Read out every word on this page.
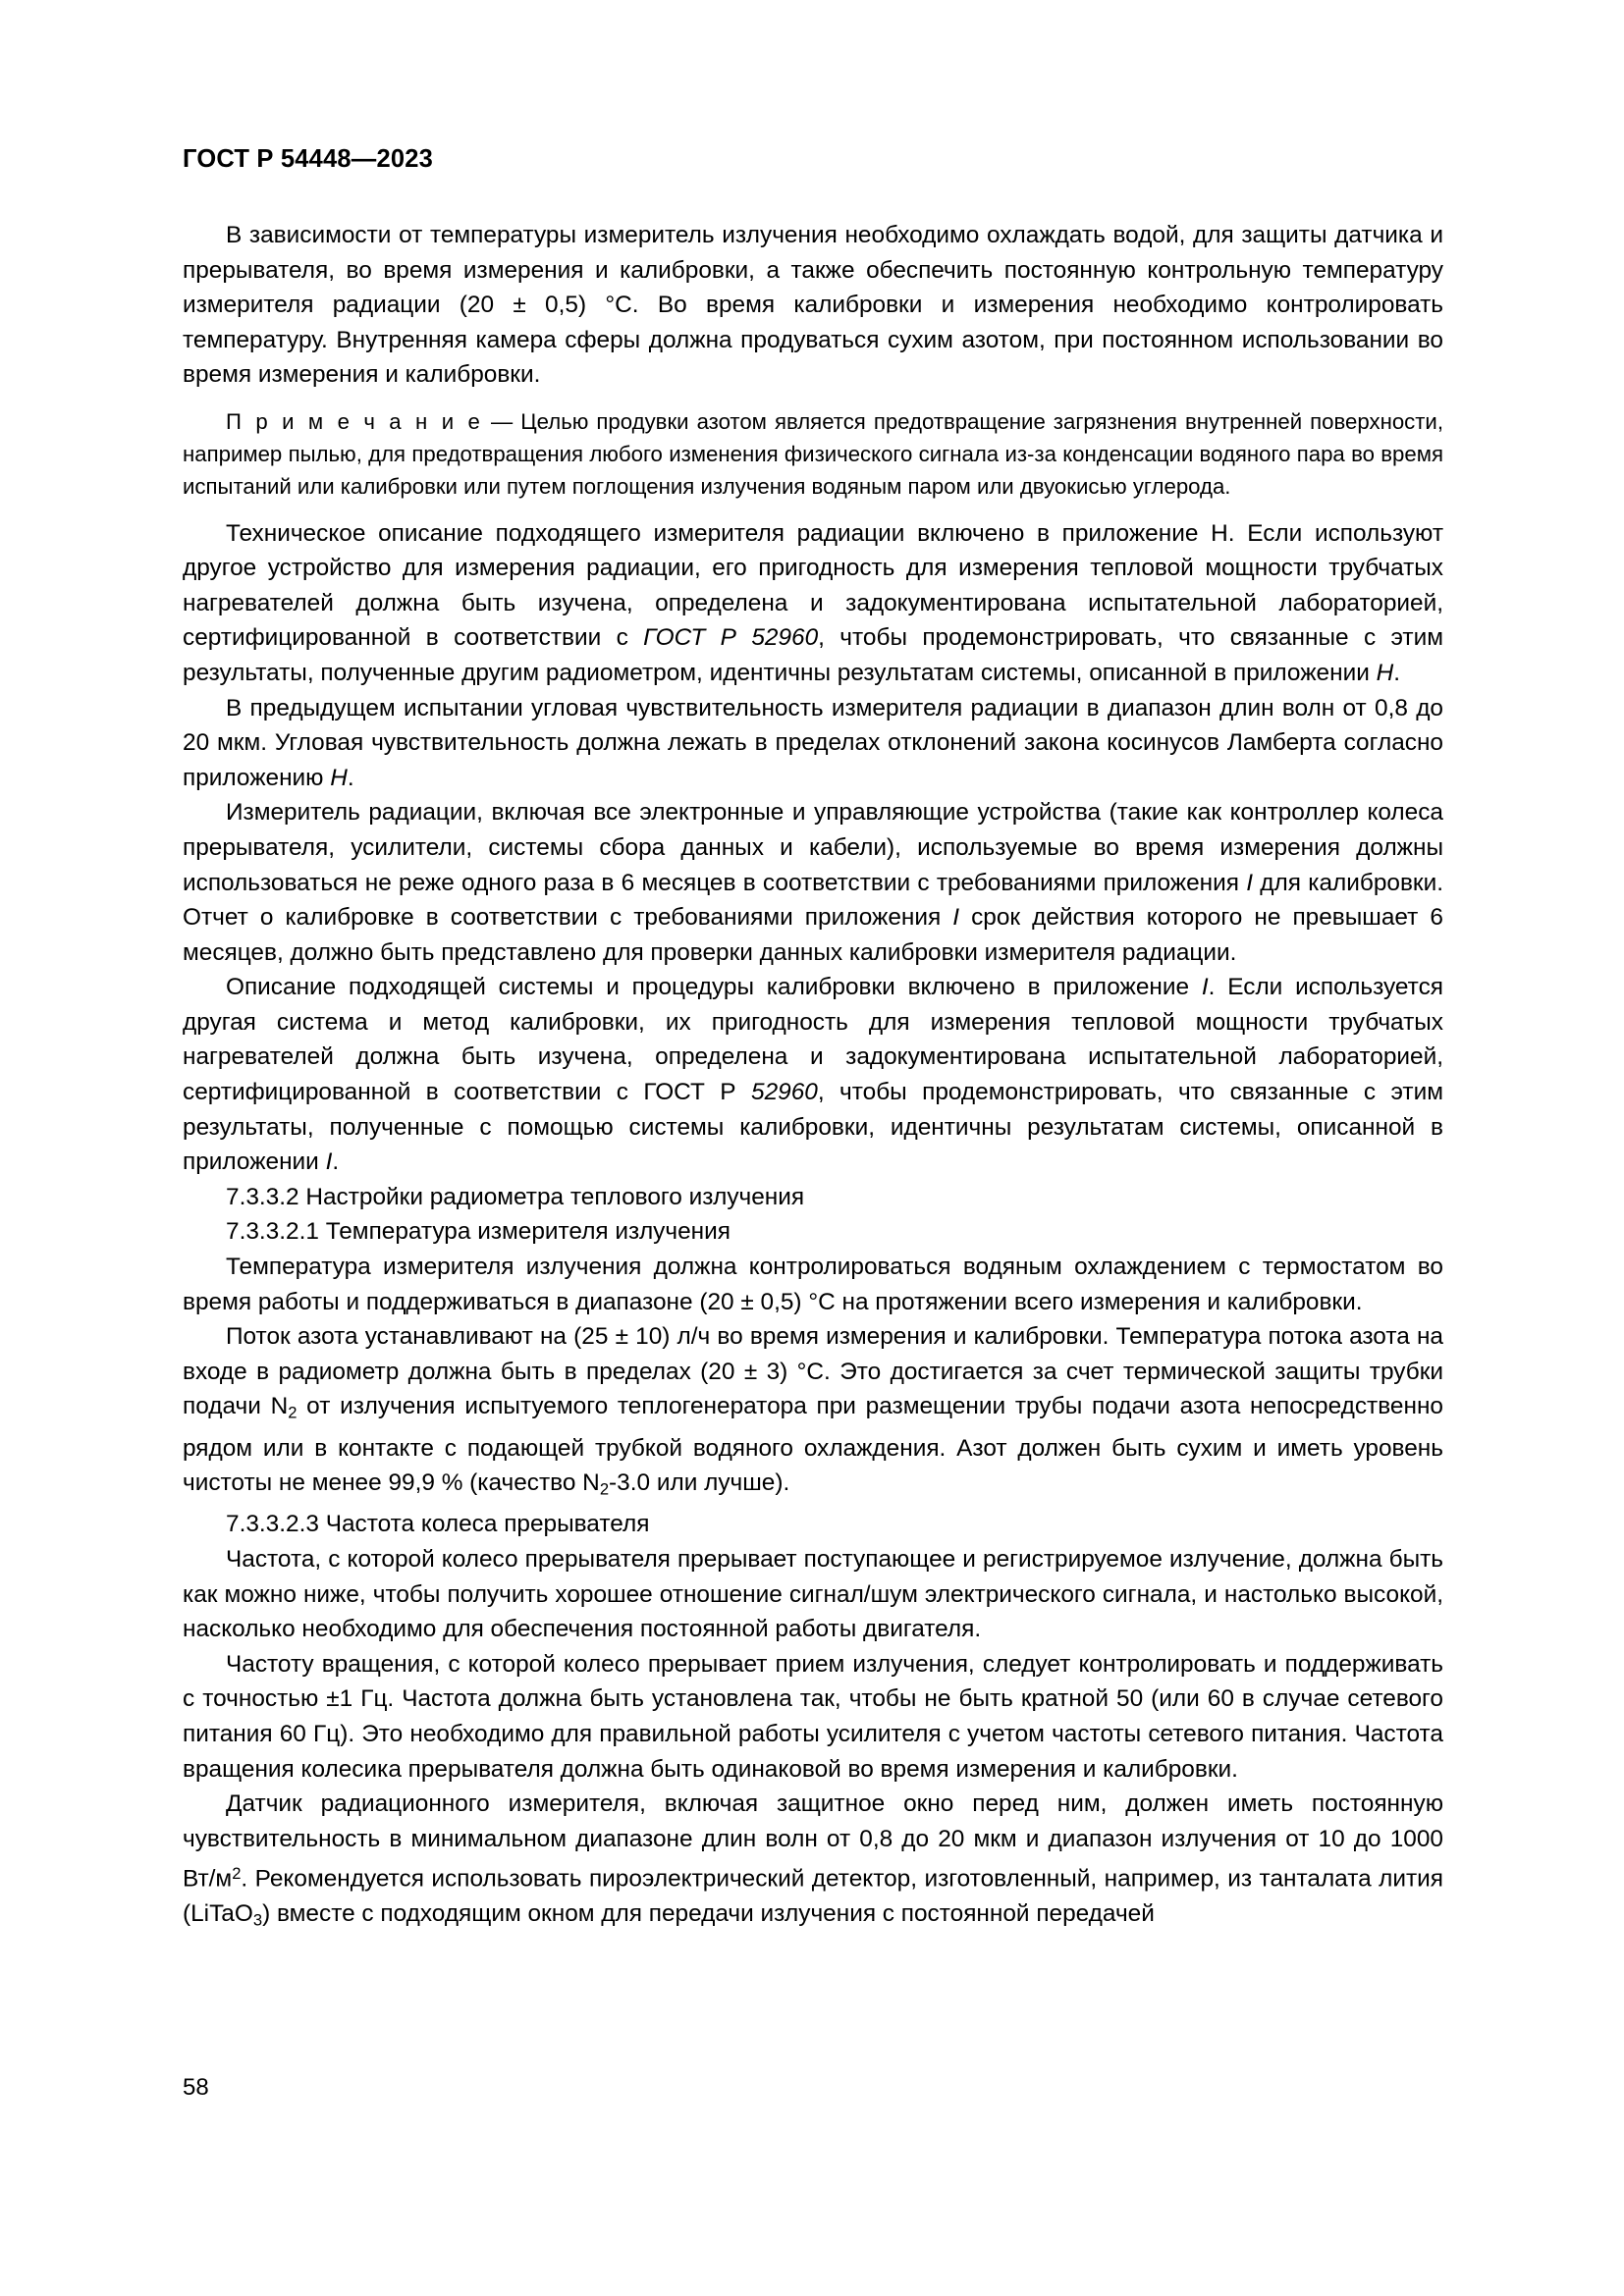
ГОСТ Р 54448—2023

В зависимости от температуры измеритель излучения необходимо охлаждать водой, для защиты датчика и прерывателя, во время измерения и калибровки, а также обеспечить постоянную контрольную температуру измерителя радиации (20 ± 0,5) °C. Во время калибровки и измерения необходимо контролировать температуру. Внутренняя камера сферы должна продуваться сухим азотом, при постоянном использовании во время измерения и калибровки.

П р и м е ч а н и е — Целью продувки азотом является предотвращение загрязнения внутренней поверхности, например пылью, для предотвращения любого изменения физического сигнала из-за конденсации водяного пара во время испытаний или калибровки или путем поглощения излучения водяным паром или двуокисью углерода.

Техническое описание подходящего измерителя радиации включено в приложение Н. Если используют другое устройство для измерения радиации, его пригодность для измерения тепловой мощности трубчатых нагревателей должна быть изучена, определена и задокументирована испытательной лабораторией, сертифицированной в соответствии с ГОСТ Р 52960, чтобы продемонстрировать, что связанные с этим результаты, полученные другим радиометром, идентичны результатам системы, описанной в приложении Н.

В предыдущем испытании угловая чувствительность измерителя радиации в диапазон длин волн от 0,8 до 20 мкм. Угловая чувствительность должна лежать в пределах отклонений закона косинусов Ламберта согласно приложению Н.

Измеритель радиации, включая все электронные и управляющие устройства (такие как контроллер колеса прерывателя, усилители, системы сбора данных и кабели), используемые во время измерения должны использоваться не реже одного раза в 6 месяцев в соответствии с требованиями приложения I для калибровки. Отчет о калибровке в соответствии с требованиями приложения I срок действия которого не превышает 6 месяцев, должно быть представлено для проверки данных калибровки измерителя радиации.

Описание подходящей системы и процедуры калибровки включено в приложение I. Если используется другая система и метод калибровки, их пригодность для измерения тепловой мощности трубчатых нагревателей должна быть изучена, определена и задокументирована испытательной лабораторией, сертифицированной в соответствии с ГОСТ Р 52960, чтобы продемонстрировать, что связанные с этим результаты, полученные с помощью системы калибровки, идентичны результатам системы, описанной в приложении I.

7.3.3.2 Настройки радиометра теплового излучения

7.3.3.2.1 Температура измерителя излучения

Температура измерителя излучения должна контролироваться водяным охлаждением с термостатом во время работы и поддерживаться в диапазоне (20 ± 0,5) °C на протяжении всего измерения и калибровки.

Поток азота устанавливают на (25 ± 10) л/ч во время измерения и калибровки. Температура потока азота на входе в радиометр должна быть в пределах (20 ± 3) °C. Это достигается за счет термической защиты трубки подачи $N_2$ от излучения испытуемого теплогенератора при размещении трубы подачи азота непосредственно рядом или в контакте с подающей трубкой водяного охлаждения. Азот должен быть сухим и иметь уровень чистоты не менее 99,9 % (качество $N_2-3.0$ или лучше).

7.3.3.2.3 Частота колеса прерывателя

Частота, с которой колесо прерывателя прерывает поступающее и регистрируемое излучение, должна быть как можно ниже, чтобы получить хорошее отношение сигнал/шум электрического сигнала, и настолько высокой, насколько необходимо для обеспечения постоянной работы двигателя.

Частоту вращения, с которой колесо прерывает прием излучения, следует контролировать и поддерживать с точностью ±1 Гц. Частота должна быть установлена так, чтобы не быть кратной 50 (или 60 в случае сетевого питания 60 Гц). Это необходимо для правильной работы усилителя с учетом частоты сетевого питания. Частота вращения колесика прерывателя должна быть одинаковой во время измерения и калибровки.

Датчик радиационного измерителя, включая защитное окно перед ним, должен иметь постоянную чувствительность в минимальном диапазоне длин волн от 0,8 до 20 мкм и диапазон излучения от 10 до 1000 $Вт/м^2$. Рекомендуется использовать пироэлектрический детектор, изготовленный, например, из танталата лития (LiTaO$_3$) вместе с подходящим окном для передачи излучения с постоянной передачей

58
